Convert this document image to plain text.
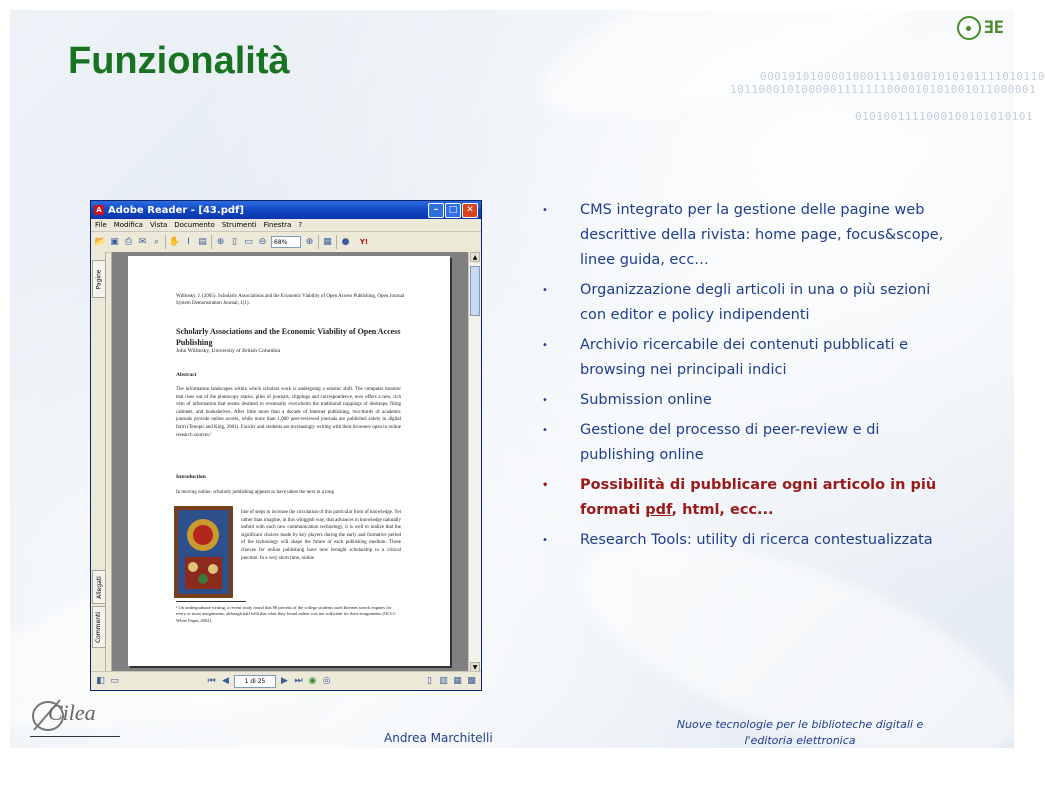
0001010100001000111101001010101111010110
1011000101000001111111000010101001011000001
0101001111000100101010101
ƎE
Funzionalità
A Adobe Reader - [43.pdf]	–	□ ✕
File Modifica Vista Documento Strumenti Finestra ?
📂 ▣ ⎙ ✉ ⌕	✋ I ▤ ⊕ ▯ ▭ ⊖	68%	⊕ ▦ ●	Y!
Pagine
Allegati
Commenti
Willinsky, J. (2005). Scholarly Associations and the Economic Viability of Open Access Publishing, Open Journal System Demonstration Journal, 1(1).
Scholarly Associations and the Economic Viability of Open Access Publishing
John Willinsky, University of British Columbia
Abstract
The information landscapes within which scholars work is undergoing a seismic shift. The computer monitor that rises out of the photocopy stacks, piles of journals, clippings and correspondence, now offers a new, rich vein of information that seems destined to eventually overwhelm the traditional trappings of desktops, filing cabinets, and bookshelves. After little more than a decade of Internet publishing, two-thirds of academic journals provide online access, while more than 1,000 peer-reviewed journals are published solely in digital form (Tenopir and King, 2001). Faculty and students are increasingly writing with their browsers open to online research sources.¹
Introduction
In moving online, scholarly publishing appears to have taken the next in a long
line of steps to increase the circulation of this particular form of knowledge. Yet rather than imagine, in this whiggish way, that advances in knowledge naturally unfold with each new communication technology, it is well to realize that the significant choices made by key players during the early and formative period of the technology will shape the future of each publishing medium. These choices for online publishing have now brought scholarship to a critical juncture. In a very short time, online
¹ On undergraduate writing, a recent study found that 80 percent of the college students used Internet search engines for every or most assignments, although half held that what they found online was not sufficient for their assignments (OCLC White Paper, 2002).
▲
▼
◧ ▭	⏮ ◀	1 di 25	▶ ⏭ ◉ ◎	▯ ▥ ▦ ▩
• CMS integrato per la gestione delle pagine web descrittive della rivista: home page, focus&scope, linee guida, ecc…
• Organizzazione degli articoli in una o più sezioni con editor e policy indipendenti
• Archivio ricercabile dei contenuti pubblicati e browsing nei principali indici
• Submission online
• Gestione del processo di peer-review e di publishing online
• Possibilità di pubblicare ogni articolo in più formati pdf, html, ecc...
• Research Tools: utility di ricerca contestualizzata
Cilea
Andrea Marchitelli
Nuove tecnologie per le biblioteche digitali e
l'editoria elettronica
